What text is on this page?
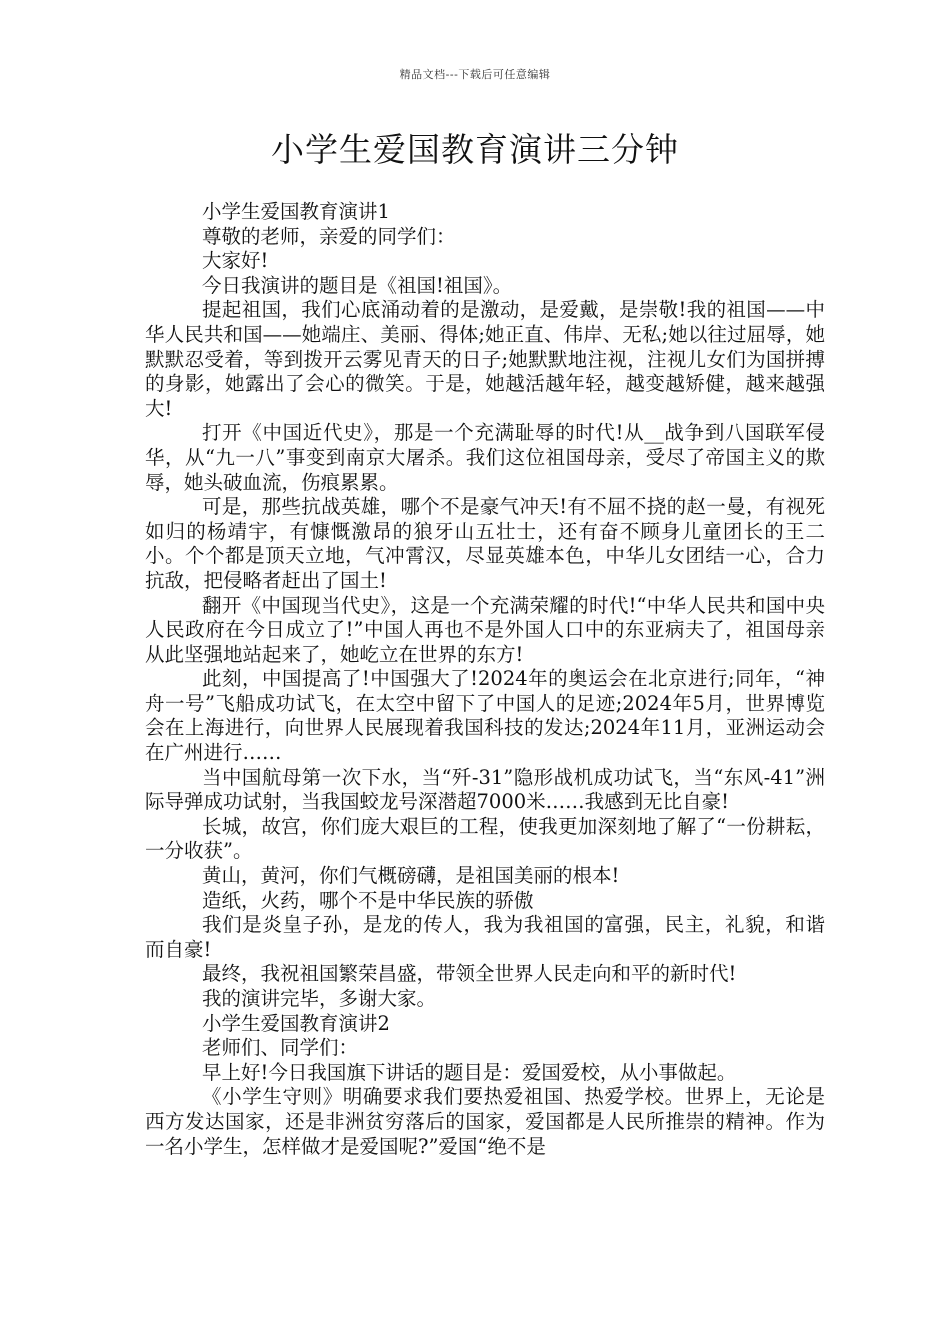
精品文档---下载后可任意编辑
小学生爱国教育演讲三分钟

小学生爱国教育演讲1

尊敬的老师，亲爱的同学们：

大家好!

今日我演讲的题目是《祖国!祖国》。

提起祖国，我们心底涌动着的是激动，是爱戴，是崇敬!我的祖国——中华人民共和国——她端庄、美丽、得体;她正直、伟岸、无私;她以往过屈辱，她默默忍受着，等到拨开云雾见青天的日子;她默默地注视，注视儿女们为国拼搏的身影，她露出了会心的微笑。于是，她越活越年轻，越变越矫健，越来越强大!

打开《中国近代史》，那是一个充满耻辱的时代!从__战争到八国联军侵华，从“九一八”事变到南京大屠杀。我们这位祖国母亲，受尽了帝国主义的欺辱，她头破血流，伤痕累累。

可是，那些抗战英雄，哪个不是豪气冲天!有不屈不挠的赵一曼，有视死如归的杨靖宇，有慷慨激昂的狼牙山五壮士，还有奋不顾身儿童团长的王二小。个个都是顶天立地，气冲霄汉，尽显英雄本色，中华儿女团结一心，合力抗敌，把侵略者赶出了国土!

翻开《中国现当代史》，这是一个充满荣耀的时代!“中华人民共和国中央人民政府在今日成立了!”中国人再也不是外国人口中的东亚病夫了，祖国母亲从此坚强地站起来了，她屹立在世界的东方!

此刻，中国提高了!中国强大了!2024年的奥运会在北京进行;同年，“神舟一号”飞船成功试飞，在太空中留下了中国人的足迹;2024年5月，世界博览会在上海进行，向世界人民展现着我国科技的发达;2024年11月，亚洲运动会在广州进行……

当中国航母第一次下水，当“歼-31”隐形战机成功试飞，当“东风-41”洲际导弹成功试射，当我国蛟龙号深潜超7000米……我感到无比自豪!

长城，故宫，你们庞大艰巨的工程，使我更加深刻地了解了“一份耕耘，一分收获”。

黄山，黄河，你们气概磅礴，是祖国美丽的根本!

造纸，火药，哪个不是中华民族的骄傲

我们是炎皇子孙，是龙的传人，我为我祖国的富强，民主，礼貌，和谐而自豪!

最终，我祝祖国繁荣昌盛，带领全世界人民走向和平的新时代!

我的演讲完毕，多谢大家。

小学生爱国教育演讲2

老师们、同学们：

早上好!今日我国旗下讲话的题目是：爱国爱校，从小事做起。

《小学生守则》明确要求我们要热爱祖国、热爱学校。世界上，无论是西方发达国家，还是非洲贫穷落后的国家，爱国都是人民所推崇的精神。作为一名小学生，怎样做才是爱国呢?”爱国“绝不是
